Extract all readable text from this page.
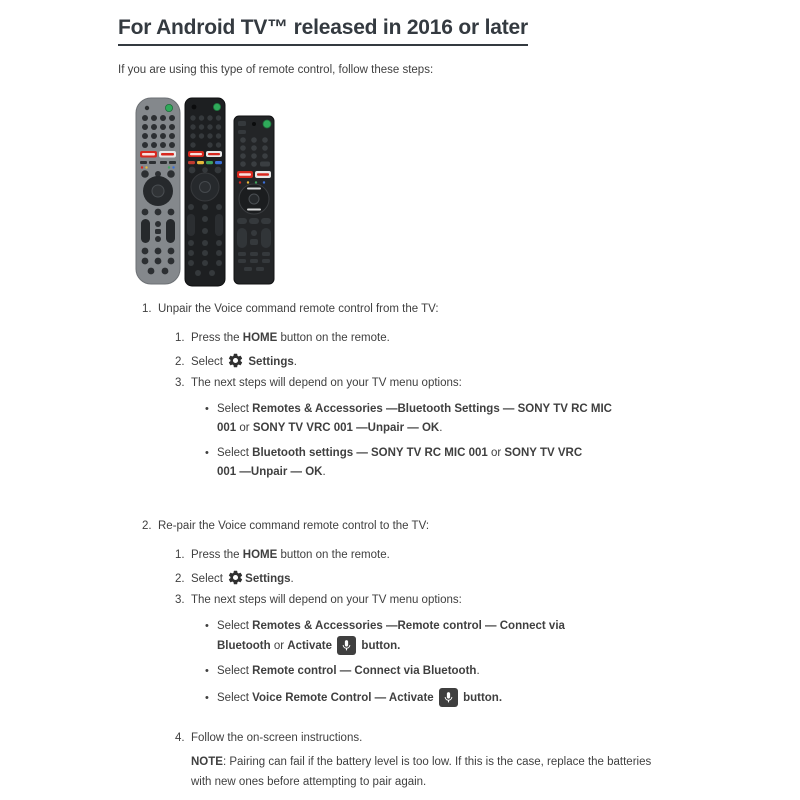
For Android TV™ released in 2016 or later

If you are using this type of remote control, follow these steps:

1. Unpair the Voice command remote control from the TV:
1. Press the HOME button on the remote.
2. Select  Settings.
3. The next steps will depend on your TV menu options:
• Select Remotes & Accessories —Bluetooth Settings — SONY TV RC MIC
001 or SONY TV VRC 001 —Unpair — OK.
• Select Bluetooth settings — SONY TV RC MIC 001 or SONY TV VRC
001 —Unpair — OK.
2. Re-pair the Voice command remote control to the TV:
1. Press the HOME button on the remote.
2. Select Settings.
3. The next steps will depend on your TV menu options:
• Select Remotes & Accessories —Remote control — Connect via
Bluetooth or Activate
button.
• Select Remote control — Connect via Bluetooth.
• Select Voice Remote Control — Activate
button.
4. Follow the on-screen instructions.
NOTE: Pairing can fail if the battery level is too low. If this is the case, replace the batteries
with new ones before attempting to pair again.
